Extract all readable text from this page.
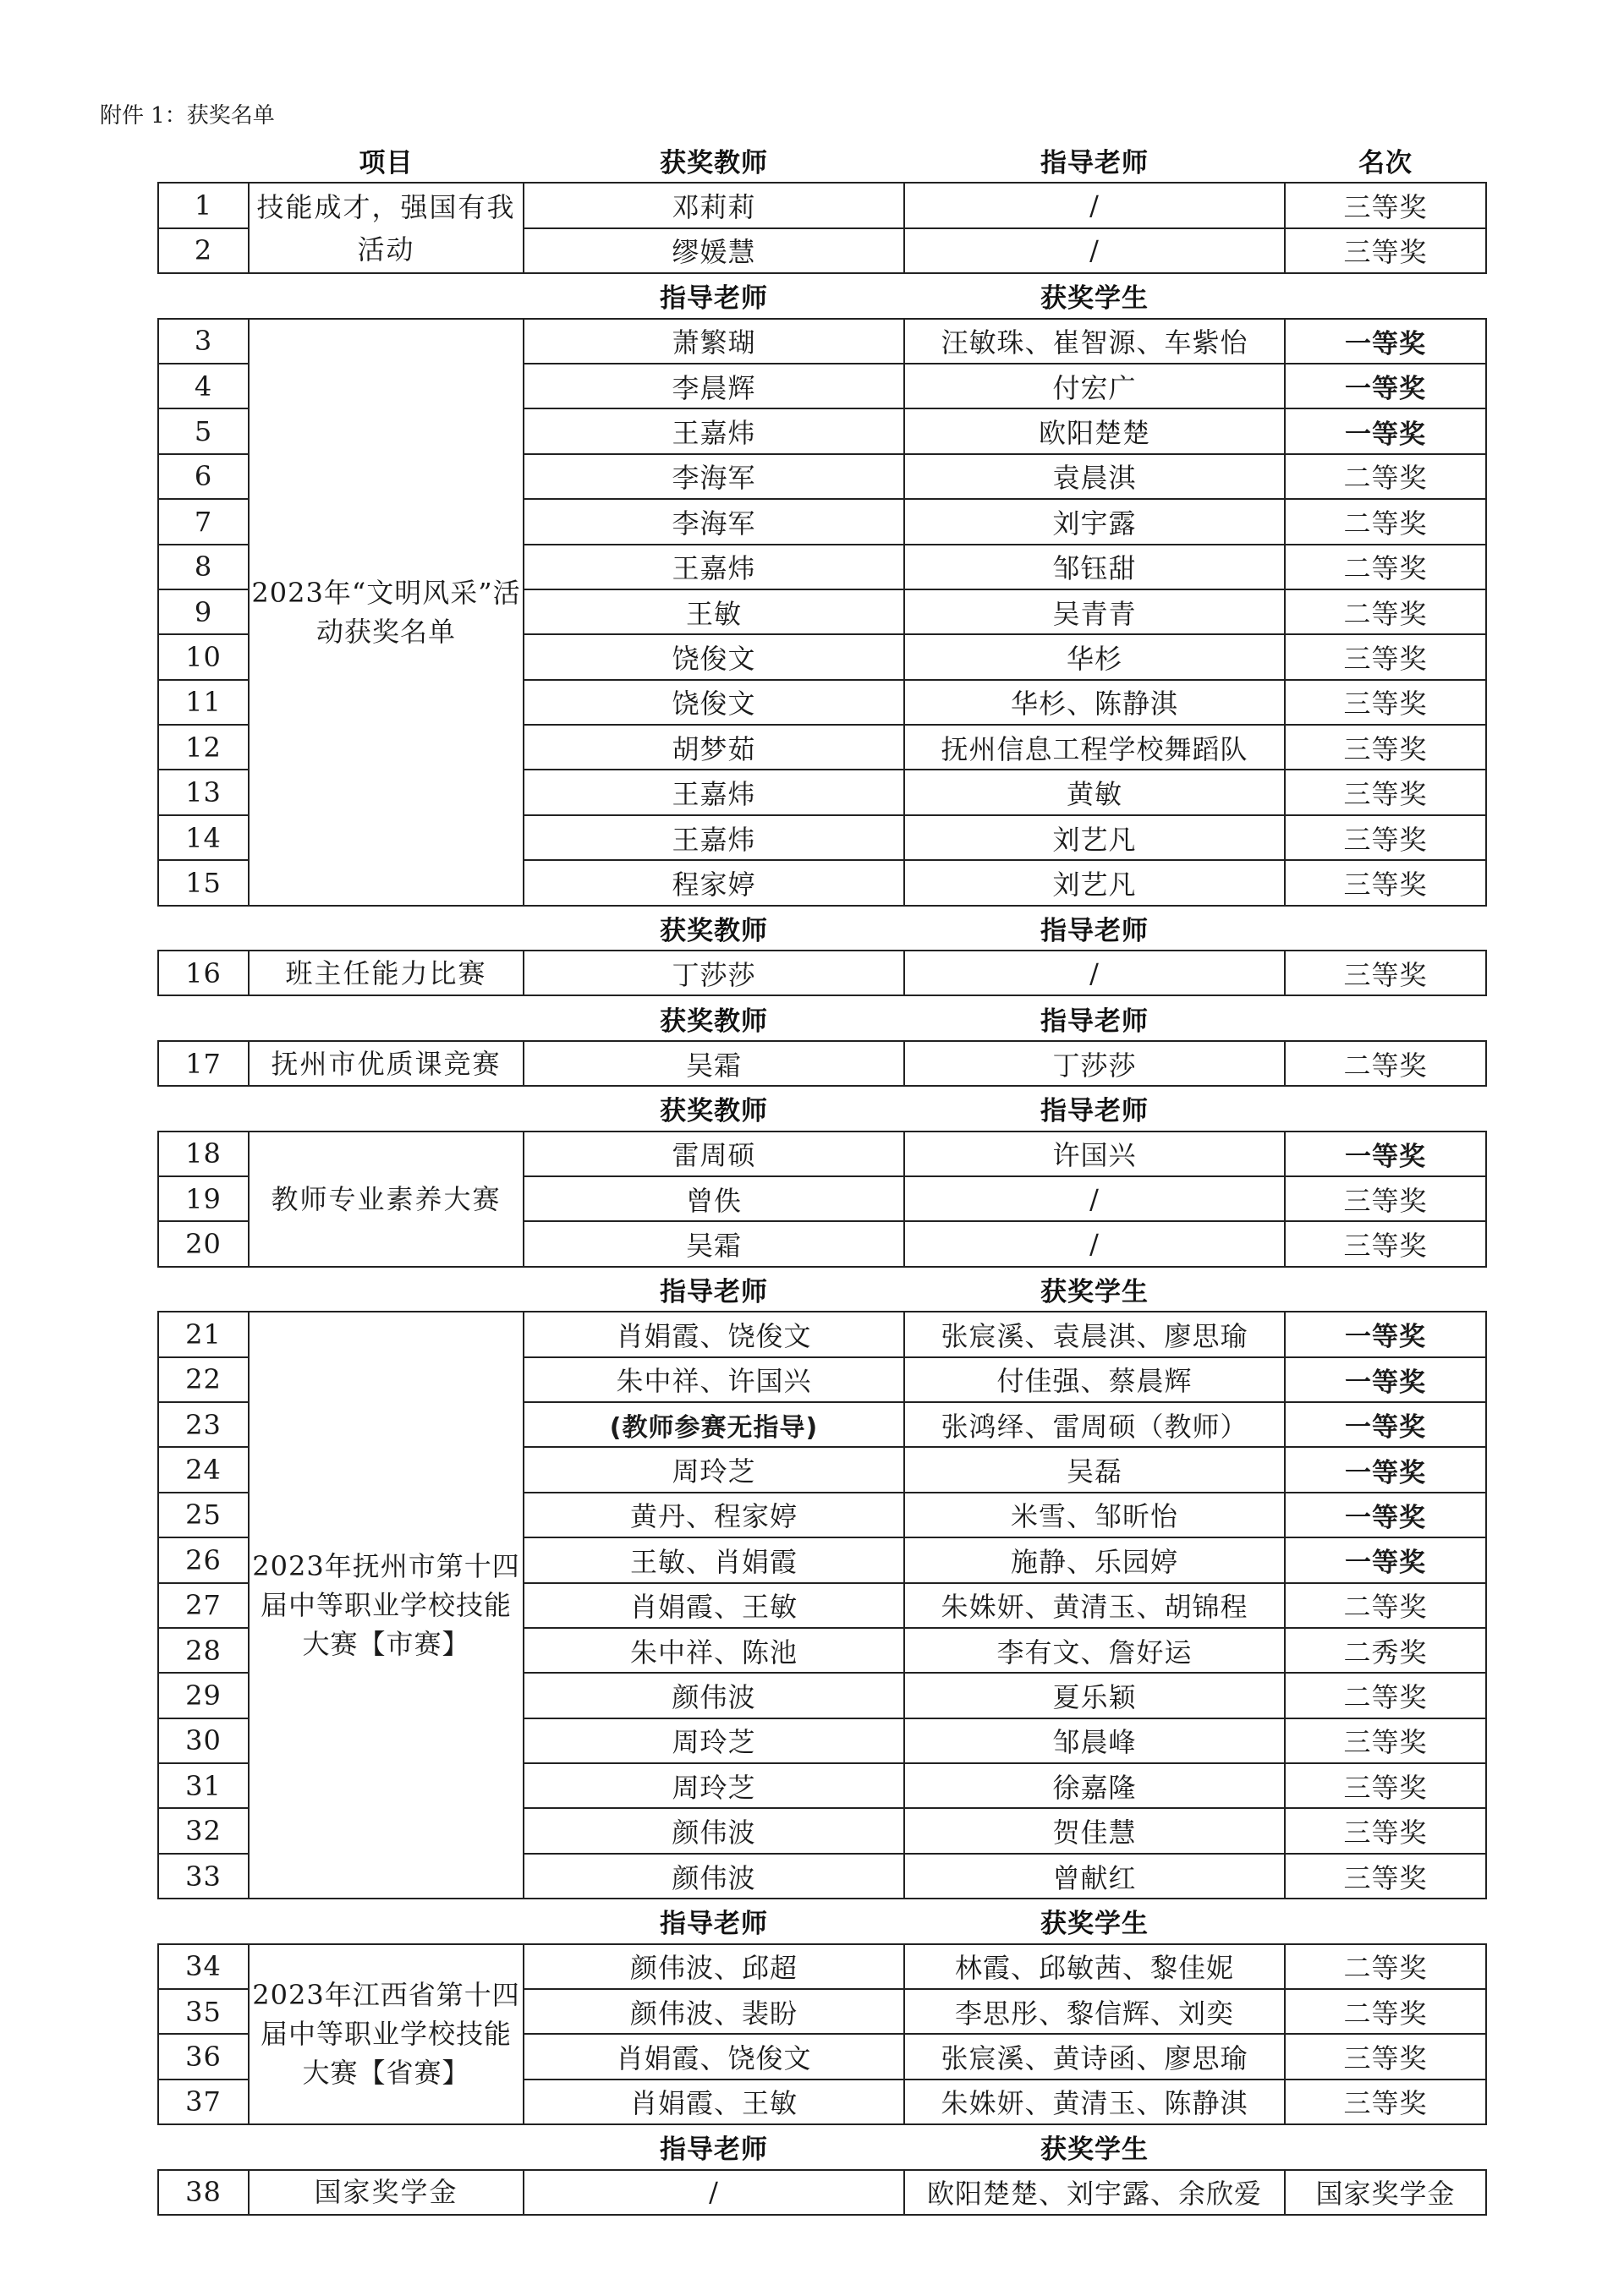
附件 1：获奖名单
	项目	获奖教师	指导老师	名次
1	技能成才，强国有我 活动	邓莉莉	/	三等奖
2		缪媛慧	/	三等奖
		指导老师	获奖学生	
3	2023年“文明风采”活动获奖名单	萧繁瑚	汪敏珠、崔智源、车紫怡	一等奖
4		李晨辉	付宏广	一等奖
5		王嘉炜	欧阳楚楚	一等奖
6		李海军	袁晨淇	二等奖
7		李海军	刘宇露	二等奖
8		王嘉炜	邹钰甜	二等奖
9		王敏	吴青青	二等奖
10		饶俊文	华杉	三等奖
11		饶俊文	华杉、陈静淇	三等奖
12		胡梦茹	抚州信息工程学校舞蹈队	三等奖
13		王嘉炜	黄敏	三等奖
14		王嘉炜	刘艺凡	三等奖
15		程家婷	刘艺凡	三等奖
		获奖教师	指导老师	
16	班主任能力比赛	丁莎莎	/	三等奖
		获奖教师	指导老师	
17	抚州市优质课竞赛	吴霜	丁莎莎	二等奖
		获奖教师	指导老师	
18	教师专业素养大赛	雷周硕	许国兴	一等奖
19		曾佚	/	三等奖
20		吴霜	/	三等奖
		指导老师	获奖学生	
21	2023年抚州市第十四届中等职业学校技能大赛【市赛】	肖娟霞、饶俊文	张宸溪、袁晨淇、廖思瑜	一等奖
22		朱中祥、许国兴	付佳强、蔡晨辉	一等奖
23		(教师参赛无指导)	张鸿绎、雷周硕（教师）	一等奖
24		周玲芝	吴磊	一等奖
25		黄丹、程家婷	米雪、邹昕怡	一等奖
26		王敏、肖娟霞	施静、乐园婷	一等奖
27		肖娟霞、王敏	朱姝妍、黄清玉、胡锦程	二等奖
28		朱中祥、陈池	李有文、詹好运	二秀奖
29		颜伟波	夏乐颖	二等奖
30		周玲芝	邹晨峰	三等奖
31		周玲芝	徐嘉隆	三等奖
32		颜伟波	贺佳慧	三等奖
33		颜伟波	曾献红	三等奖
		指导老师	获奖学生	
34	2023年江西省第十四届中等职业学校技能大赛【省赛】	颜伟波、邱超	林霞、邱敏茜、黎佳妮	二等奖
35		颜伟波、裴盼	李思彤、黎信辉、刘奕	二等奖
36		肖娟霞、饶俊文	张宸溪、黄诗函、廖思瑜	三等奖
37		肖娟霞、王敏	朱姝妍、黄清玉、陈静淇	三等奖
		指导老师	获奖学生	
38	国家奖学金	/	欧阳楚楚、刘宇露、余欣爱	国家奖学金
